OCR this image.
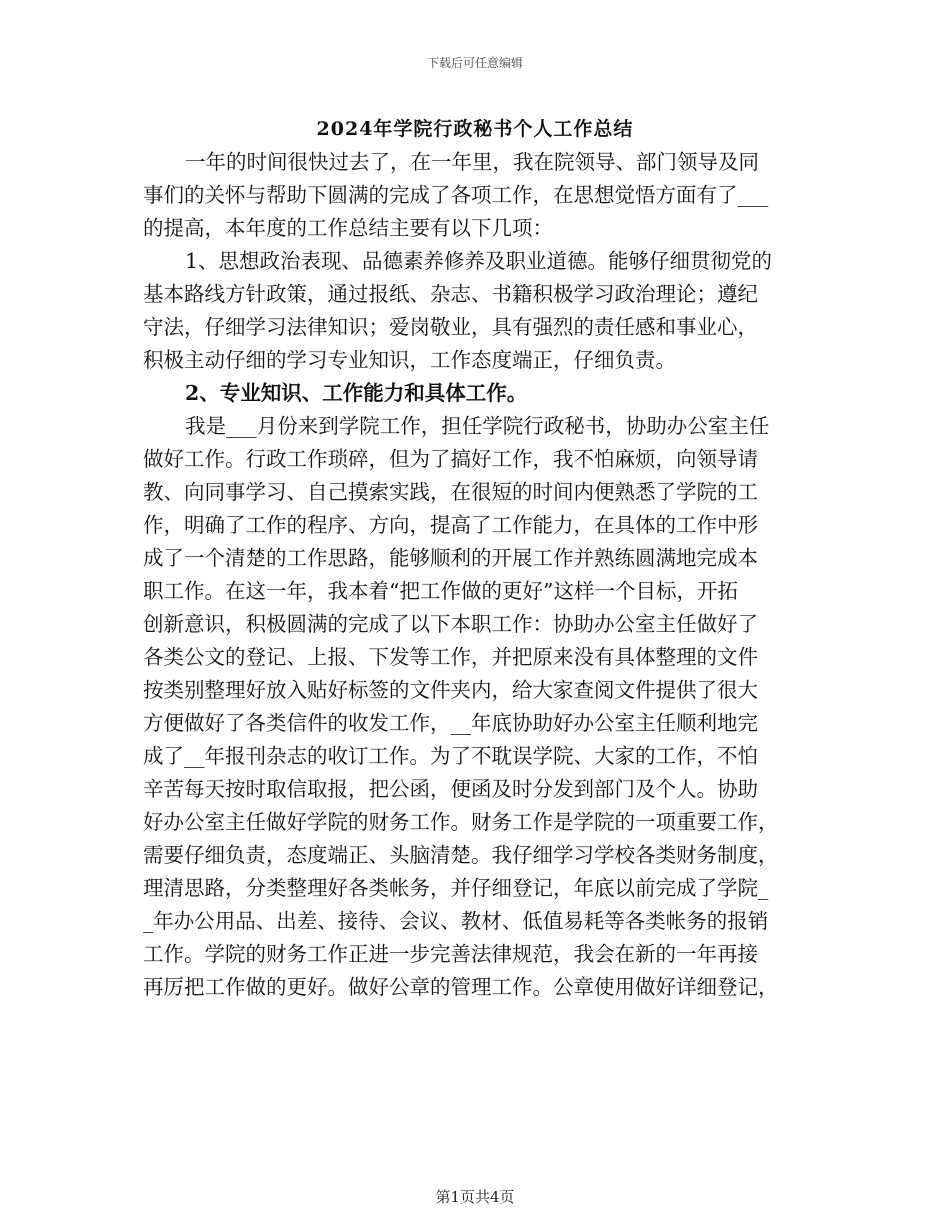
下载后可任意编辑
2024年学院行政秘书个人工作总结
一年的时间很快过去了，在一年里，我在院领导、部门领导及同
事们的关怀与帮助下圆满的完成了各项工作，在思想觉悟方面有了___
的提高，本年度的工作总结主要有以下几项：
1、思想政治表现、品德素养修养及职业道德。能够仔细贯彻党的
基本路线方针政策，通过报纸、杂志、书籍积极学习政治理论；遵纪
守法，仔细学习法律知识；爱岗敬业，具有强烈的责任感和事业心，
积极主动仔细的学习专业知识，工作态度端正，仔细负责。
2、专业知识、工作能力和具体工作。
我是___月份来到学院工作，担任学院行政秘书，协助办公室主任
做好工作。行政工作琐碎，但为了搞好工作，我不怕麻烦，向领导请
教、向同事学习、自己摸索实践，在很短的时间内便熟悉了学院的工
作，明确了工作的程序、方向，提高了工作能力，在具体的工作中形
成了一个清楚的工作思路，能够顺利的开展工作并熟练圆满地完成本
职工作。在这一年，我本着“把工作做的更好”这样一个目标，开拓
创新意识，积极圆满的完成了以下本职工作：协助办公室主任做好了
各类公文的登记、上报、下发等工作，并把原来没有具体整理的文件
按类别整理好放入贴好标签的文件夹内，给大家查阅文件提供了很大
方便做好了各类信件的收发工作，__年底协助好办公室主任顺利地完
成了__年报刊杂志的收订工作。为了不耽误学院、大家的工作，不怕
辛苦每天按时取信取报，把公函，便函及时分发到部门及个人。协助
好办公室主任做好学院的财务工作。财务工作是学院的一项重要工作，
需要仔细负责，态度端正、头脑清楚。我仔细学习学校各类财务制度，
理清思路，分类整理好各类帐务，并仔细登记，年底以前完成了学院_
_年办公用品、出差、接待、会议、教材、低值易耗等各类帐务的报销
工作。学院的财务工作正进一步完善法律规范，我会在新的一年再接
再厉把工作做的更好。做好公章的管理工作。公章使用做好详细登记，
第1页共4页
